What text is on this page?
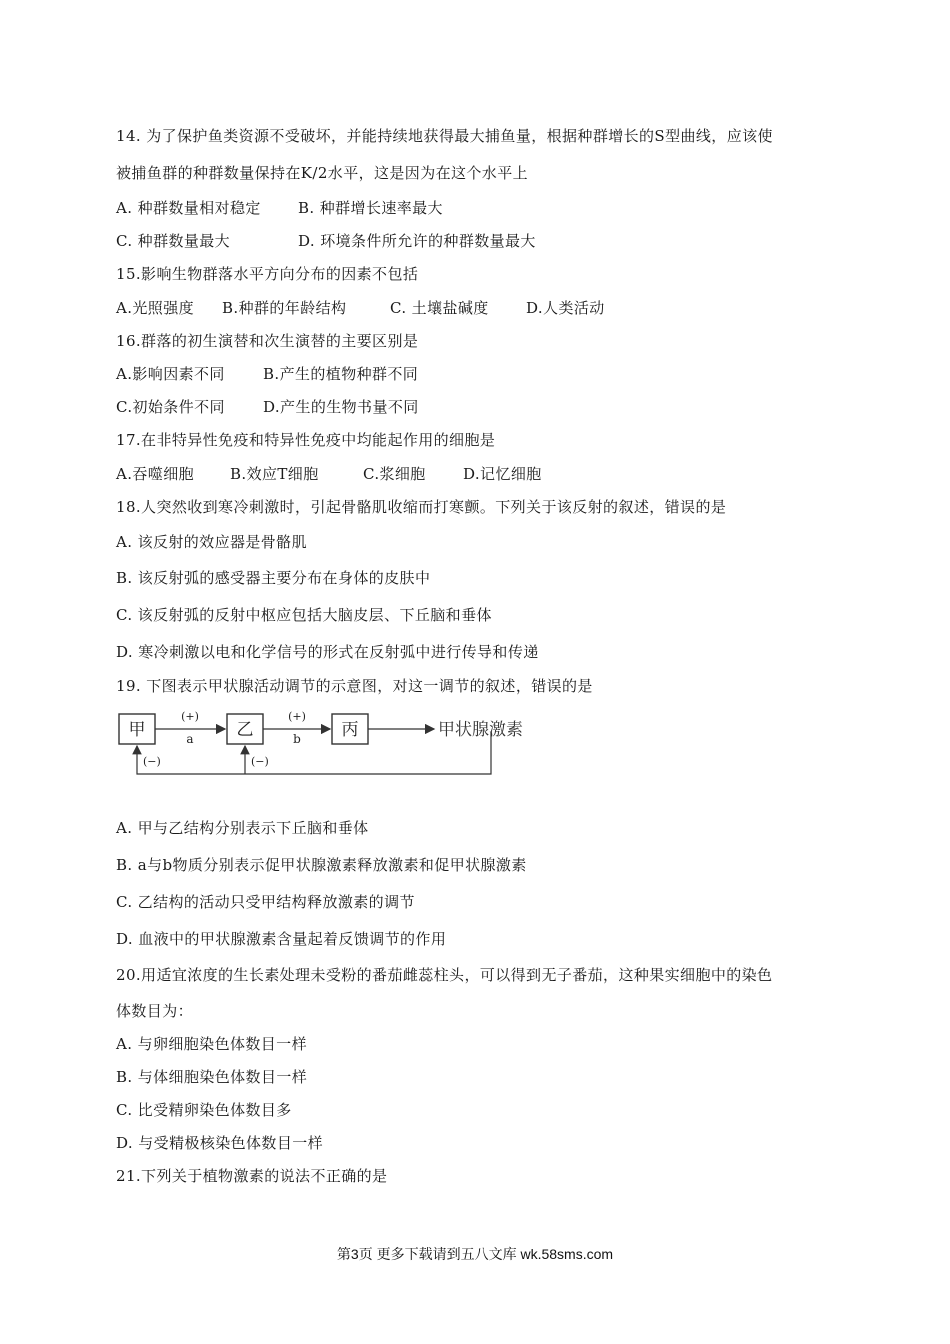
14. 为了保护鱼类资源不受破坏，并能持续地获得最大捕鱼量，根据种群增长的S型曲线，应该使
被捕鱼群的种群数量保持在K/2水平，这是因为在这个水平上
A. 种群数量相对稳定 B. 种群增长速率最大
C. 种群数量最大	D. 环境条件所允许的种群数量最大
15.影响生物群落水平方向分布的因素不包括
A.光照强度 B.种群的年龄结构	C. 土壤盐碱度 D.人类活动
16.群落的初生演替和次生演替的主要区别是
A.影响因素不同	B.产生的植物种群不同
C.初始条件不同	D.产生的生物书量不同
17.在非特异性免疫和特异性免疫中均能起作用的细胞是
A.吞噬细胞 B.效应T细胞	C.浆细胞 D.记忆细胞
18.人突然收到寒冷刺激时，引起骨骼肌收缩而打寒颤。下列关于该反射的叙述，错误的是
A. 该反射的效应器是骨骼肌
B. 该反射弧的感受器主要分布在身体的皮肤中
C. 该反射弧的反射中枢应包括大脑皮层、下丘脑和垂体
D. 寒冷刺激以电和化学信号的形式在反射弧中进行传导和传递
19. 下图表示甲状腺活动调节的示意图，对这一调节的叙述，错误的是
甲	乙	丙
(+)
a
(+)
b	甲状腺激素
(−)	(−)
A. 甲与乙结构分别表示下丘脑和垂体
B. a与b物质分别表示促甲状腺激素释放激素和促甲状腺激素
C. 乙结构的活动只受甲结构释放激素的调节
D. 血液中的甲状腺激素含量起着反馈调节的作用
20.用适宜浓度的生长素处理未受粉的番茄雌蕊柱头，可以得到无子番茄，这种果实细胞中的染色
体数目为：
A. 与卵细胞染色体数目一样
B. 与体细胞染色体数目一样
C. 比受精卵染色体数目多
D. 与受精极核染色体数目一样
21.下列关于植物激素的说法不正确的是
第3页 更多下载请到五八文库 wk.58sms.com
